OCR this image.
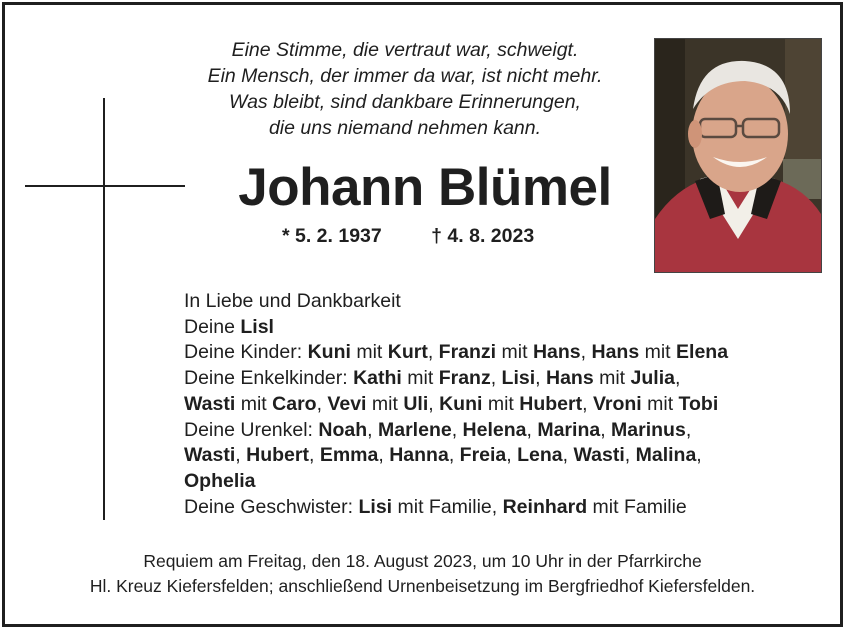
Eine Stimme, die vertraut war, schweigt.
Ein Mensch, der immer da war, ist nicht mehr.
Was bleibt, sind dankbare Erinnerungen,
die uns niemand nehmen kann.
Johann Blümel
* 5. 2. 1937	† 4. 8. 2023
In Liebe und Dankbarkeit
Deine Lisl
Deine Kinder: Kuni mit Kurt, Franzi mit Hans, Hans mit Elena
Deine Enkelkinder: Kathi mit Franz, Lisi, Hans mit Julia,
Wasti mit Caro, Vevi mit Uli, Kuni mit Hubert, Vroni mit Tobi
Deine Urenkel: Noah, Marlene, Helena, Marina, Marinus,
Wasti, Hubert, Emma, Hanna, Freia, Lena, Wasti, Malina,
Ophelia
Deine Geschwister: Lisi mit Familie, Reinhard mit Familie
Requiem am Freitag, den 18. August 2023, um 10 Uhr in der Pfarrkirche
Hl. Kreuz Kiefersfelden; anschließend Urnenbeisetzung im Bergfriedhof Kiefersfelden.
